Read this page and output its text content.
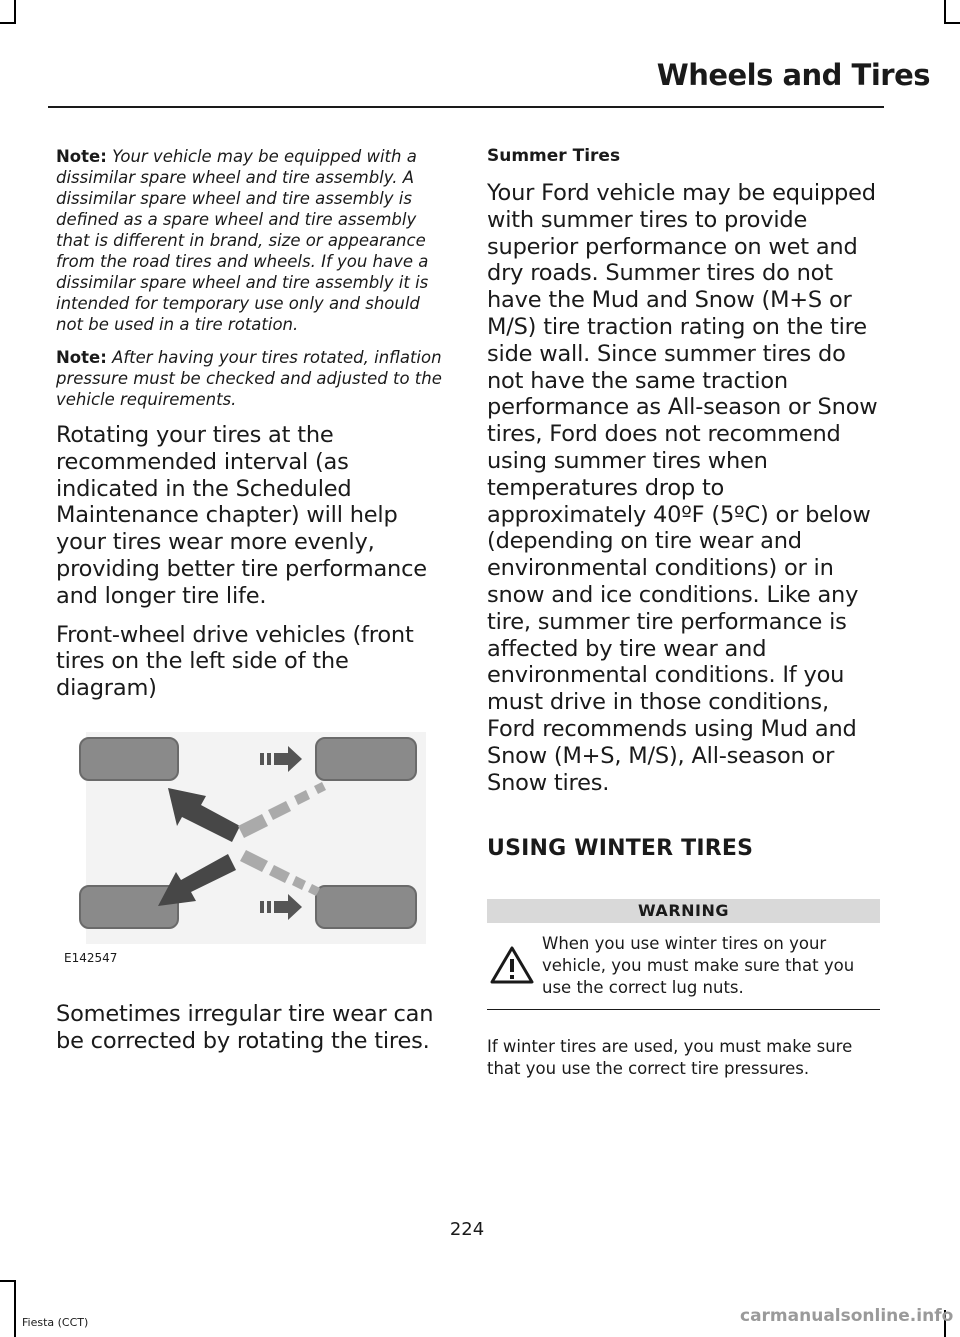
Wheels and Tires

Note: Your vehicle may be equipped with a dissimilar spare wheel and tire assembly. A dissimilar spare wheel and tire assembly is defined as a spare wheel and tire assembly that is different in brand, size or appearance from the road tires and wheels. If you have a dissimilar spare wheel and tire assembly it is intended for temporary use only and should not be used in a tire rotation.

Note: After having your tires rotated, inflation pressure must be checked and adjusted to the vehicle requirements.

Rotating your tires at the recommended interval (as indicated in the Scheduled Maintenance chapter) will help your tires wear more evenly, providing better tire performance and longer tire life.

Front-wheel drive vehicles (front tires on the left side of the diagram)

E142547

Sometimes irregular tire wear can be corrected by rotating the tires.

Summer Tires

Your Ford vehicle may be equipped with summer tires to provide superior performance on wet and dry roads. Summer tires do not have the Mud and Snow (M+S or M/S) tire traction rating on the tire side wall. Since summer tires do not have the same traction performance as All-season or Snow tires, Ford does not recommend using summer tires when temperatures drop to approximately 40ºF (5ºC) or below (depending on tire wear and environmental conditions) or in snow and ice conditions. Like any tire, summer tire performance is affected by tire wear and environmental conditions. If you must drive in those conditions, Ford recommends using Mud and Snow (M+S, M/S), All-season or Snow tires.

USING WINTER TIRES
WARNING
When you use winter tires on your vehicle, you must make sure that you use the correct lug nuts.

If winter tires are used, you must make sure that you use the correct tire pressures.

224
Fiesta (CCT)	carmanualsonline.info
